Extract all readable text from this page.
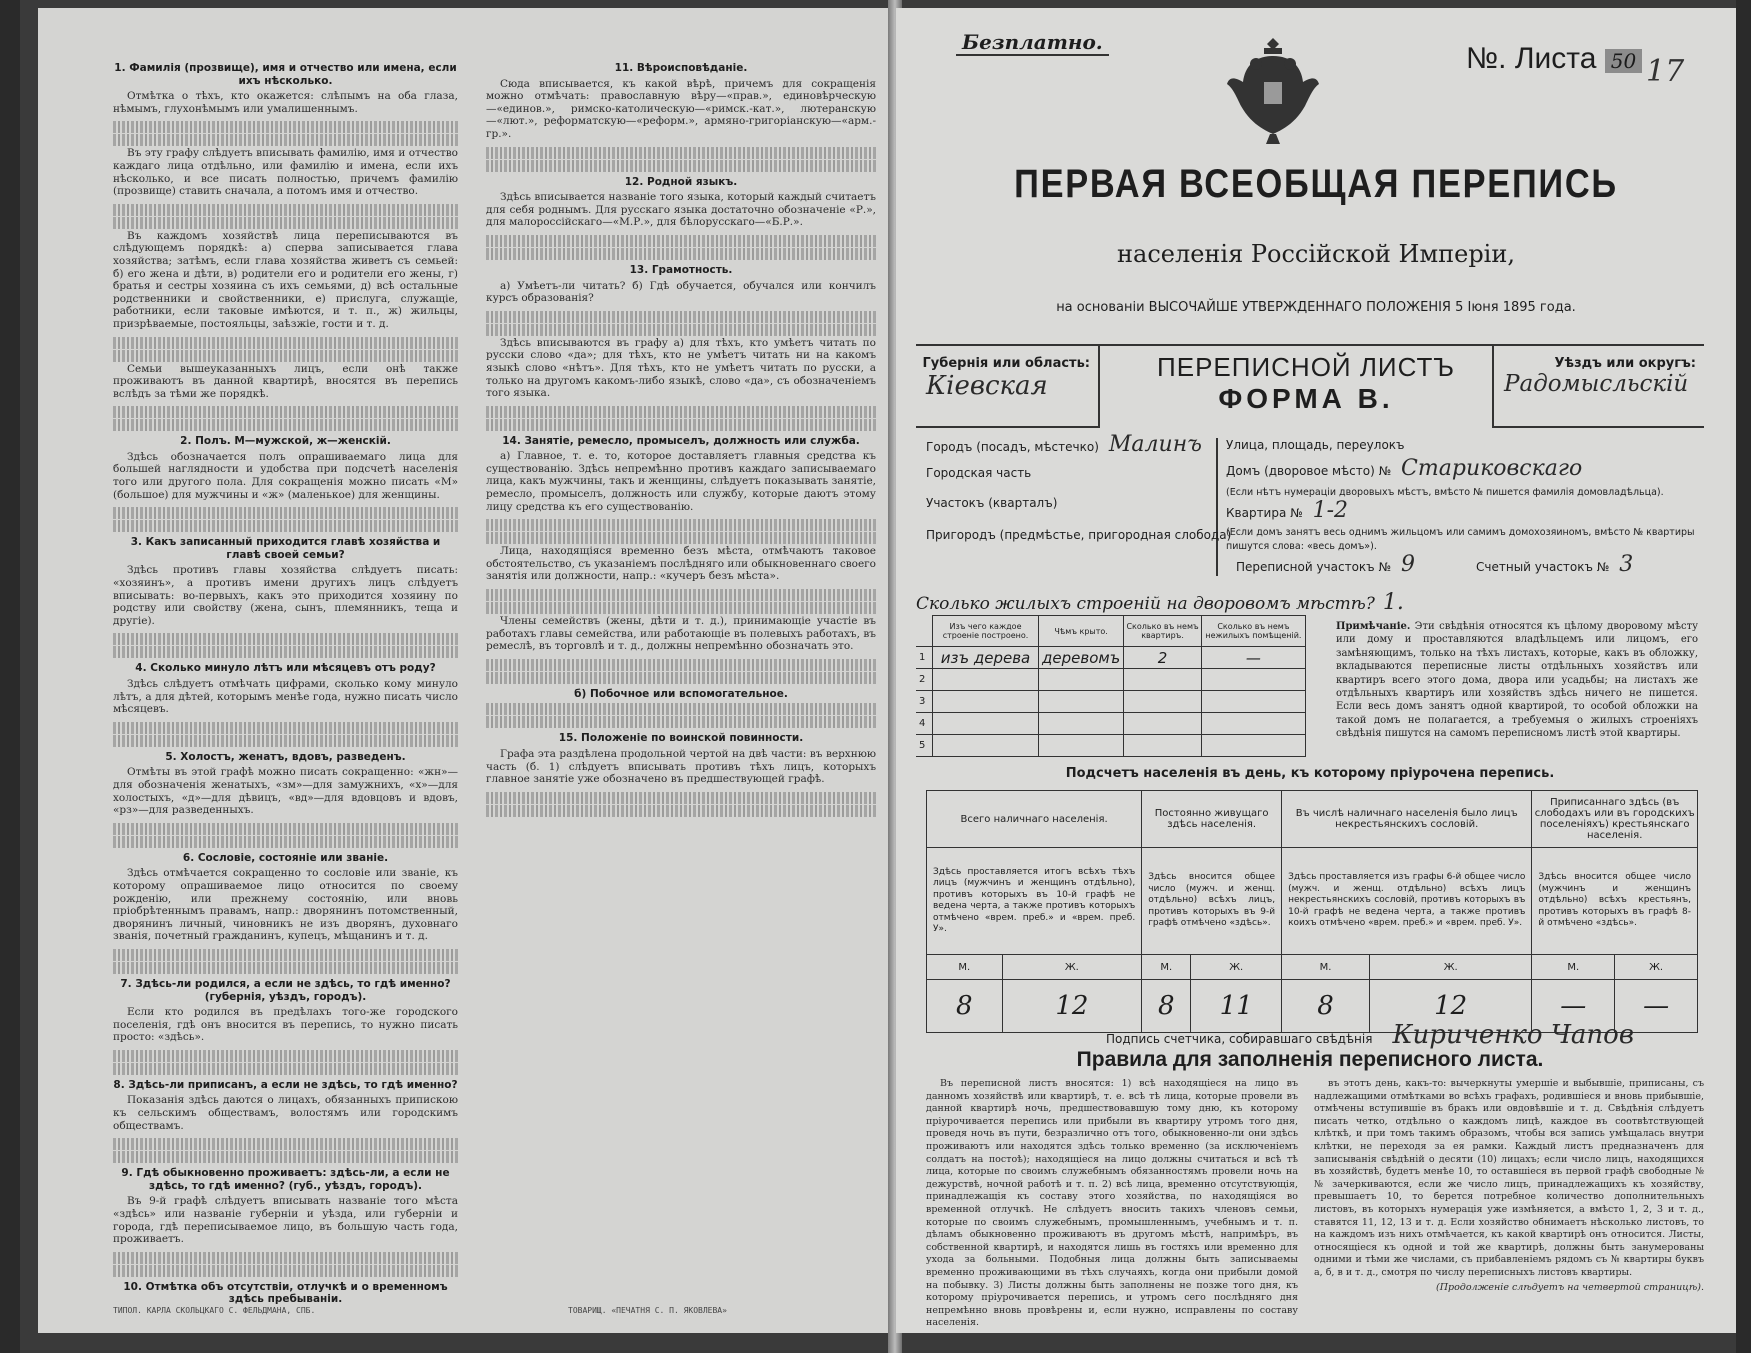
1. Фамилія (прозвище), имя и отчество или имена, если ихъ нѣсколько.

Отмѣтка о тѣхъ, кто окажется: слѣпымъ на оба глаза, нѣмымъ, глухонѣмымъ или умалишеннымъ.

Въ эту графу слѣдуетъ вписывать фамилію, имя и отчество каждаго лица отдѣльно, или фамилію и имена, если ихъ нѣсколько, и все писать полностью, причемъ фамилію (прозвище) ставить сначала, а потомъ имя и отчество.

Въ каждомъ хозяйствѣ лица переписываются въ слѣдующемъ порядкѣ: а) сперва записывается глава хозяйства; затѣмъ, если глава хозяйства живетъ съ семьей: б) его жена и дѣти, в) родители его и родители его жены, г) братья и сестры хозяина съ ихъ семьями, д) всѣ остальные родственники и свойственники, е) прислуга, служащіе, работники, если таковые имѣются, и т. п., ж) жильцы, призрѣваемые, постояльцы, заѣзжіе, гости и т. д.

Семьи вышеуказанныхъ лицъ, если онѣ также проживаютъ въ данной квартирѣ, вносятся въ перепись вслѣдъ за тѣми же порядкѣ.

2. Полъ. М—мужской, ж—женскій.

Здѣсь обозначается полъ опрашиваемаго лица для большей наглядности и удобства при подсчетѣ населенія того или другого пола. Для сокращенія можно писать «М» (большое) для мужчины и «ж» (маленькое) для женщины.

3. Какъ записанный приходится главѣ хозяйства и главѣ своей семьи?

Здѣсь противъ главы хозяйства слѣдуетъ писать: «хозяинъ», а противъ имени другихъ лицъ слѣдуетъ вписывать: во-первыхъ, какъ это приходится хозяину по родству или свойству (жена, сынъ, племянникъ, теща и другіе).

4. Сколько минуло лѣтъ или мѣсяцевъ отъ роду?

Здѣсь слѣдуетъ отмѣчать цифрами, сколько кому минуло лѣтъ, а для дѣтей, которымъ менѣе года, нужно писать число мѣсяцевъ.

5. Холостъ, женатъ, вдовъ, разведенъ.

Отмѣты въ этой графѣ можно писать сокращенно: «жн»—для обозначенія женатыхъ, «зм»—для замужнихъ, «х»—для холостыхъ, «д»—для дѣвицъ, «вд»—для вдовцовъ и вдовъ, «рз»—для разведенныхъ.

6. Сословіе, состояніе или званіе.

Здѣсь отмѣчается сокращенно то сословіе или званіе, къ которому опрашиваемое лицо относится по своему рожденію, или прежнему состоянію, или вновь пріобрѣтеннымъ правамъ, напр.: дворянинъ потомственный, дворянинъ личный, чиновникъ не изъ дворянъ, духовнаго званія, почетный гражданинъ, купецъ, мѣщанинъ и т. д.

7. Здѣсь-ли родился, а если не здѣсь, то гдѣ именно? (губернія, уѣздъ, городъ).

Если кто родился въ предѣлахъ того-же городского поселенія, гдѣ онъ вносится въ перепись, то нужно писать просто: «здѣсь».

8. Здѣсь-ли приписанъ, а если не здѣсь, то гдѣ именно?

Показанія здѣсь даются о лицахъ, обязанныхъ припискою къ сельскимъ обществамъ, волостямъ или городскимъ обществамъ.

9. Гдѣ обыкновенно проживаетъ: здѣсь-ли, а если не здѣсь, то гдѣ именно? (губ., уѣздъ, городъ).

Въ 9-й графѣ слѣдуетъ вписывать названіе того мѣста «здѣсь» или названіе губерніи и уѣзда, или губерніи и города, гдѣ переписываемое лицо, въ большую часть года, проживаетъ.

10. Отмѣтка объ отсутствіи, отлучкѣ и о временномъ здѣсь пребываніи.
11. Вѣроисповѣданіе.

Сюда вписывается, къ какой вѣрѣ, причемъ для сокращенія можно отмѣчать: православную вѣру—«прав.», единовѣрческую—«единов.», римско-католическую—«римск.-кат.», лютеранскую—«лют.», реформатскую—«реформ.», армяно-григоріанскую—«арм.-гр.».

12. Родной языкъ.

Здѣсь вписывается названіе того языка, который каждый считаетъ для себя роднымъ. Для русскаго языка достаточно обозначеніе «Р.», для малороссійскаго—«М.Р.», для бѣлорусскаго—«Б.Р.».

13. Грамотность.

а) Умѣетъ-ли читать? б) Гдѣ обучается, обучался или кончилъ курсъ образованія?

Здѣсь вписываются въ графу а) для тѣхъ, кто умѣетъ читать по русски слово «да»; для тѣхъ, кто не умѣетъ читать ни на какомъ языкѣ слово «нѣтъ». Для тѣхъ, кто не умѣетъ читать по русски, а только на другомъ какомъ-либо языкѣ, слово «да», съ обозначеніемъ того языка.

14. Занятіе, ремесло, промыселъ, должность или служба.

а) Главное, т. е. то, которое доставляетъ главныя средства къ существованію. Здѣсь непремѣнно противъ каждаго записываемаго лица, какъ мужчины, такъ и женщины, слѣдуетъ показывать занятіе, ремесло, промыселъ, должность или службу, которые даютъ этому лицу средства къ его существованію.

Лица, находящіяся временно безъ мѣста, отмѣчаютъ таковое обстоятельство, съ указаніемъ послѣдняго или обыкновеннаго своего занятія или должности, напр.: «кучеръ безъ мѣста».

Члены семействъ (жены, дѣти и т. д.), принимающіе участіе въ работахъ главы семейства, или работающіе въ полевыхъ работахъ, въ ремеслѣ, въ торговлѣ и т. д., должны непремѣнно обозначать это.

б) Побочное или вспомогательное.
15. Положеніе по воинской повинности.

Графа эта раздѣлена продольной чертой на двѣ части: въ верхнюю часть (б. 1) слѣдуетъ вписывать противъ тѣхъ лицъ, которыхъ главное занятіе уже обозначено въ предшествующей графѣ.

ТИПОЛ. КАРЛА СКОЛЬЦКАГО С. ФЕЛЬДМАНА, СПБ.	ТОВАРИЩ. «ПЕЧАТНЯ С. П. ЯКОВЛЕВА»
Безплатно.	№. Листа 50 17
ПЕРВАЯ ВСЕОБЩАЯ ПЕРЕПИСЬ
населенія Россійской Имперіи,
на основаніи ВЫСОЧАЙШЕ УТВЕРЖДЕННАГО ПОЛОЖЕНІЯ 5 Іюня 1895 года.
Губернія или область:
Кіевская
ПЕРЕПИСНОЙ ЛИСТЪ
ФОРМА В.
Уѣздъ или округъ:
Радомысльскій
Городъ (посадъ, мѣстечко) Малинъ Улица, площадь, переулокъ
Городская часть	Домъ (дворовое мѣсто) № Стариковскаго
(Если нѣтъ нумераціи дворовыхъ мѣстъ, вмѣсто № пишется фамилія домовладѣльца).
Участокъ (кварталъ)
Квартира № 1-2
Пригородъ (предмѣстье, пригородная слобода)
(Если домъ занятъ весь однимъ жильцомъ или самимъ домохозяиномъ, вмѣсто № квартиры пишутся слова: «весь домъ»).
Переписной участокъ № 9	Счетный участокъ № 3
Сколько жилыхъ строеній на дворовомъ мѣстѣ? 1.
	Изъ чего каждое строеніе построено.	Чѣмъ крыто.	Сколько въ немъ квартиръ.	Сколько въ немъ нежилыхъ помѣщеній.
1	изъ дерева	деревомъ	2	—
2				
3				
4				
5				
Примѣчаніе. Эти свѣдѣнія относятся къ цѣлому дворовому мѣсту или дому и проставляются владѣльцемъ или лицомъ, его замѣняющимъ, только на тѣхъ листахъ, которые, какъ въ обложку, вкладываются переписные листы отдѣльныхъ хозяйствъ или квартиръ всего этого дома, двора или усадьбы; на листахъ же отдѣльныхъ квартиръ или хозяйствъ здѣсь ничего не пишется. Если весь домъ занятъ одной квартирой, то особой обложки на такой домъ не полагается, а требуемыя о жилыхъ строеніяхъ свѣдѣнія пишутся на самомъ переписномъ листѣ этой квартиры.
Подсчетъ населенія въ день, къ которому пріурочена перепись.
Всего наличнаго населенія.		Постоянно живущаго здѣсь населенія.		Въ числѣ наличнаго населенія было лицъ некрестьянскихъ сословій.		Приписаннаго здѣсь (въ слободахъ или въ городскихъ поселеніяхъ) крестьянскаго населенія.	
Здѣсь проставляется итогъ всѣхъ тѣхъ лицъ (мужчинъ и женщинъ отдѣльно), противъ которыхъ въ 10-й графѣ не ведена черта, а также противъ которыхъ отмѣчено «врем. преб.» и «врем. преб. У».		Здѣсь вносится общее число (мужч. и женщ. отдѣльно) всѣхъ лицъ, противъ которыхъ въ 9-й графѣ отмѣчено «здѣсь».		Здѣсь проставляется изъ графы 6-й общее число (мужч. и женщ. отдѣльно) всѣхъ лицъ некрестьянскихъ сословій, противъ которыхъ въ 10-й графѣ не ведена черта, а также противъ коихъ отмѣчено «врем. преб.» и «врем. преб. У».		Здѣсь вносится общее число (мужчинъ и женщинъ отдѣльно) всѣхъ крестьянъ, противъ которыхъ въ графѣ 8-й отмѣчено «здѣсь».	
М.	Ж.	М.	Ж.	М.	Ж.	М.	Ж.
8	12	8	11	8	12	—	—
Подпись счетчика, собиравшаго свѣдѣнія Кириченко Чапов
Правила для заполненія переписного листа.

Въ переписной листъ вносятся: 1) всѣ находящіеся на лицо въ данномъ хозяйствѣ или квартирѣ, т. е. всѣ тѣ лица, которые провели въ данной квартирѣ ночь, предшествовавшую тому дню, къ которому пріурочивается перепись или прибыли въ квартиру утромъ того дня, проведя ночь въ пути, безразлично отъ того, обыкновенно-ли они здѣсь проживаютъ или находятся здѣсь только временно (за исключеніемъ солдатъ на постоѣ); находящіеся на лицо должны считаться и всѣ тѣ лица, которые по своимъ служебнымъ обязанностямъ провели ночь на дежурствѣ, ночной работѣ и т. п. 2) всѣ лица, временно отсутствующія, принадлежащія къ составу этого хозяйства, по находящіяся во временной отлучкѣ. Не слѣдуетъ вносить такихъ членовъ семьи, которые по своимъ служебнымъ, промышленнымъ, учебнымъ и т. п. дѣламъ обыкновенно проживаютъ въ другомъ мѣстѣ, напримѣръ, въ собственной квартирѣ, и находятся лишь въ гостяхъ или временно для ухода за больными. Подобныя лица должны быть записываемы временно проживающими въ тѣхъ случаяхъ, когда они прибыли домой на побывку. 3) Листы должны быть заполнены не позже того дня, къ которому пріурочивается перепись, и утромъ сего послѣдняго дня непремѣнно вновь провѣрены и, если нужно, исправлены по составу населенія.

въ этотъ день, какъ-то: вычеркнуты умершіе и выбывшіе, приписаны, съ надлежащими отмѣтками во всѣхъ графахъ, родившіеся и вновь прибывшіе, отмѣчены вступившіе въ бракъ или овдовѣвшіе и т. д. Свѣдѣнія слѣдуетъ писать четко, отдѣльно о каждомъ лицѣ, каждое въ соотвѣтствующей клѣткѣ, и при томъ такимъ образомъ, чтобы вся запись умѣщалась внутри клѣтки, не переходя за ея рамки. Каждый листъ предназначенъ для записыванія свѣдѣній о десяти (10) лицахъ; если число лицъ, находящихся въ хозяйствѣ, будетъ менѣе 10, то оставшіеся въ первой графѣ свободные №№ зачеркиваются, если же число лицъ, принадлежащихъ къ хозяйству, превышаетъ 10, то берется потребное количество дополнительныхъ листовъ, въ которыхъ нумерація уже измѣняется, а вмѣсто 1, 2, 3 и т. д., ставятся 11, 12, 13 и т. д. Если хозяйство обнимаетъ нѣсколько листовъ, то на каждомъ изъ нихъ отмѣчается, къ какой квартирѣ онъ относится. Листы, относящіеся къ одной и той же квартирѣ, должны быть занумерованы одними и тѣми же числами, съ прибавленіемъ рядомъ съ № квартиры буквъ а, б, в и т. д., смотря по числу переписныхъ листовъ квартиры.

(Продолженіе слѣдуетъ на четвертой страницѣ).
